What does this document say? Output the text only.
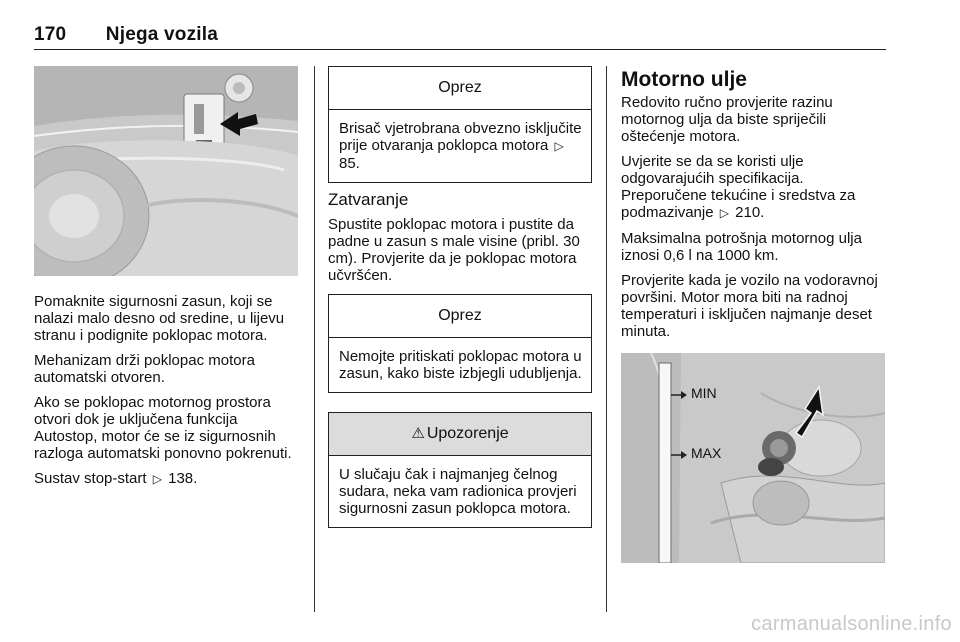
170 Njega vozila

Pomaknite sigurnosni zasun, koji se nalazi malo desno od sredine, u lijevu stranu i podignite poklopac motora.

Mehanizam drži poklopac motora automatski otvoren.

Ako se poklopac motornog prostora otvori dok je uključena funkcija Autostop, motor će se iz sigurnosnih razloga automatski ponovno pokrenuti.

Sustav stop-start ▷ 138.

Oprez
Brisač vjetrobrana obvezno isključite prije otvaranja poklopca motora ▷ 85.
Zatvaranje

Spustite poklopac motora i pustite da padne u zasun s male visine (pribl. 30 cm). Provjerite da je poklopac motora učvršćen.

Oprez
Nemojte pritiskati poklopac motora u zasun, kako biste izbjegli udubljenja.
⚠ Upozorenje
U slučaju čak i najmanjeg čelnog sudara, neka vam radionica provjeri sigurnosni zasun poklopca motora.
Motorno ulje

Redovito ručno provjerite razinu motornog ulja da biste spriječili oštećenje motora.

Uvjerite se da se koristi ulje odgovarajućih specifikacija.

Preporučene tekućine i sredstva za podmazivanje ▷ 210.

Maksimalna potrošnja motornog ulja iznosi 0,6 l na 1000 km.

Provjerite kada je vozilo na vodoravnoj površini. Motor mora biti na radnoj temperaturi i isključen najmanje deset minuta.

MIN
MAX
carmanualsonline.info
